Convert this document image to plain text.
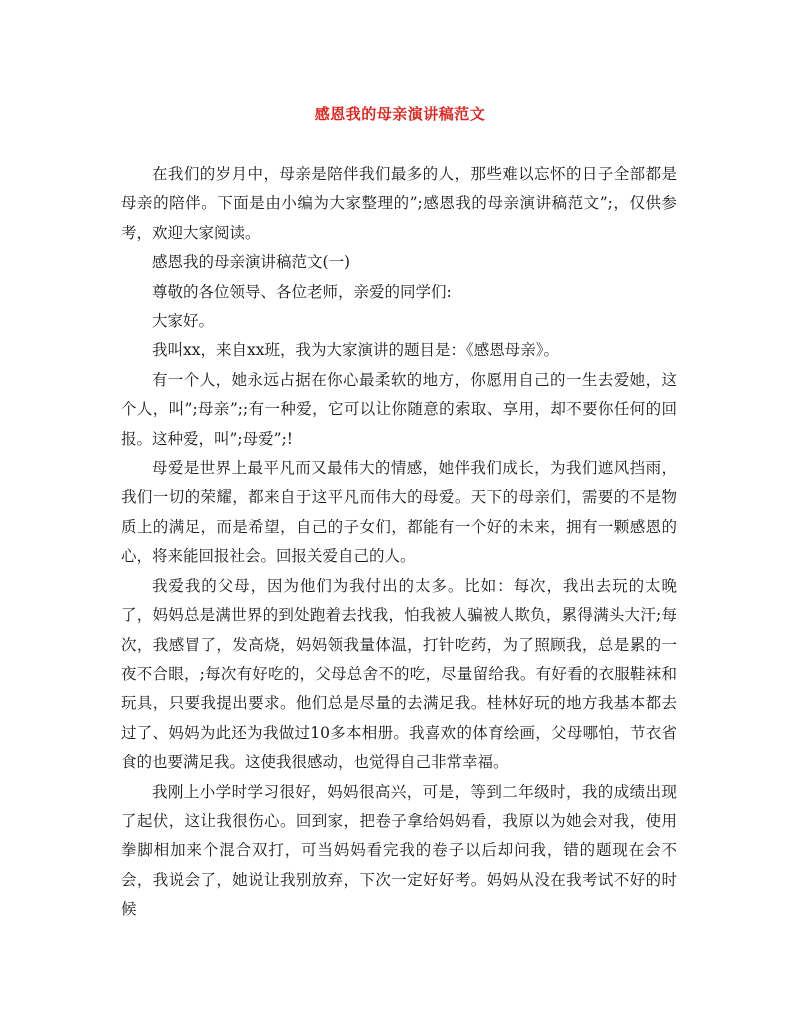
感恩我的母亲演讲稿范文

在我们的岁月中，母亲是陪伴我们最多的人，那些难以忘怀的日子全部都是母亲的陪伴。下面是由小编为大家整理的”;感恩我的母亲演讲稿范文”;，仅供参考，欢迎大家阅读。

感恩我的母亲演讲稿范文(一)

尊敬的各位领导、各位老师，亲爱的同学们:

大家好。

我叫xx，来自xx班，我为大家演讲的题目是：《感恩母亲》。

有一个人，她永远占据在你心最柔软的地方，你愿用自己的一生去爱她，这个人，叫”;母亲”;;有一种爱，它可以让你随意的索取、享用，却不要你任何的回报。这种爱，叫”;母爱”;!

母爱是世界上最平凡而又最伟大的情感，她伴我们成长，为我们遮风挡雨，我们一切的荣耀，都来自于这平凡而伟大的母爱。天下的母亲们，需要的不是物质上的满足，而是希望，自己的子女们，都能有一个好的未来，拥有一颗感恩的心，将来能回报社会。回报关爱自己的人。

我爱我的父母，因为他们为我付出的太多。比如：每次，我出去玩的太晚了，妈妈总是满世界的到处跑着去找我，怕我被人骗被人欺负，累得满头大汗;每次，我感冒了，发高烧，妈妈领我量体温，打针吃药，为了照顾我，总是累的一夜不合眼，;每次有好吃的，父母总舍不的吃，尽量留给我。有好看的衣服鞋袜和玩具，只要我提出要求。他们总是尽量的去满足我。桂林好玩的地方我基本都去过了、妈妈为此还为我做过10多本相册。我喜欢的体育绘画，父母哪怕，节衣省食的也要满足我。这使我很感动，也觉得自己非常幸福。

我刚上小学时学习很好，妈妈很高兴，可是，等到二年级时，我的成绩出现了起伏，这让我很伤心。回到家，把卷子拿给妈妈看，我原以为她会对我，使用拳脚相加来个混合双打，可当妈妈看完我的卷子以后却问我，错的题现在会不会，我说会了，她说让我别放弃，下次一定好好考。妈妈从没在我考试不好的时候
